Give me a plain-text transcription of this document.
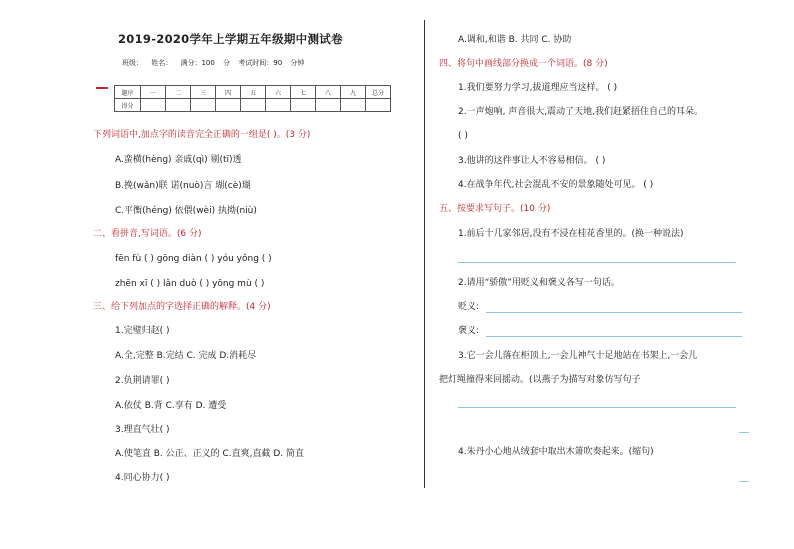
2019-2020学年上学期五年级期中测试卷
班级： 姓名： 满分：100 分 考试时间：90 分钟
题序	一	二	三	四	五	六	七	八	九	总分
得分										
下列词语中,加点字的读音完全正确的一组是( )。(3 分)
A.蛮横(hèng) 亲戚(qì) 剔(tī)透
B.挽(wǎn)联 诺(nuò)言 瑚(cè)瑚
C.平衡(héng) 依偎(wèi) 执拗(niù)
二、看拼音,写词语。(6 分)
fēn fù ( ) gōng diàn ( ) yóu yǒng ( )
zhēn xī ( ) lǎn duò ( ) yōng mù ( )
三、给下列加点的字选择正确的解释。(4 分)
1.完璧归赵( )
A.全,完整 B.完结 C. 完成 D.消耗尽
2.负荆请罪( )
A.依仗 B.背 C.享有 D. 遭受
3.理直气壮( )
A.使笔直 B. 公正、正义的 C.直爽,直截 D. 简直
4.同心协力( )
A.调和,和谐 B. 共同 C. 协助
四、将句中画线部分换成一个词语。(8 分)
1.我们要努力学习,拔道理应当这样。 ( )
2.一声炮响, 声音很大,震动了天地,我们赶紧捂住自己的耳朵。
( )
3.他讲的这件事让人不容易相信。 ( )
4.在战争年代,社会混乱不安的景象随处可见。 ( )
五、按要求写句子。(10 分)
1.前后十几家邻居,没有不浸在桂花香里的。(换一种说法)
2.请用“骄傲”用贬义和褒义各写一句话。
贬义:
褒义:
3.它一会儿落在柜顶上,一会儿神气十足地站在书架上,一会儿
把灯绳撞得来回摇动。(以燕子为描写对象仿写句子
4.朱丹小心地从绒套中取出木箫吹奏起来。(缩句)
